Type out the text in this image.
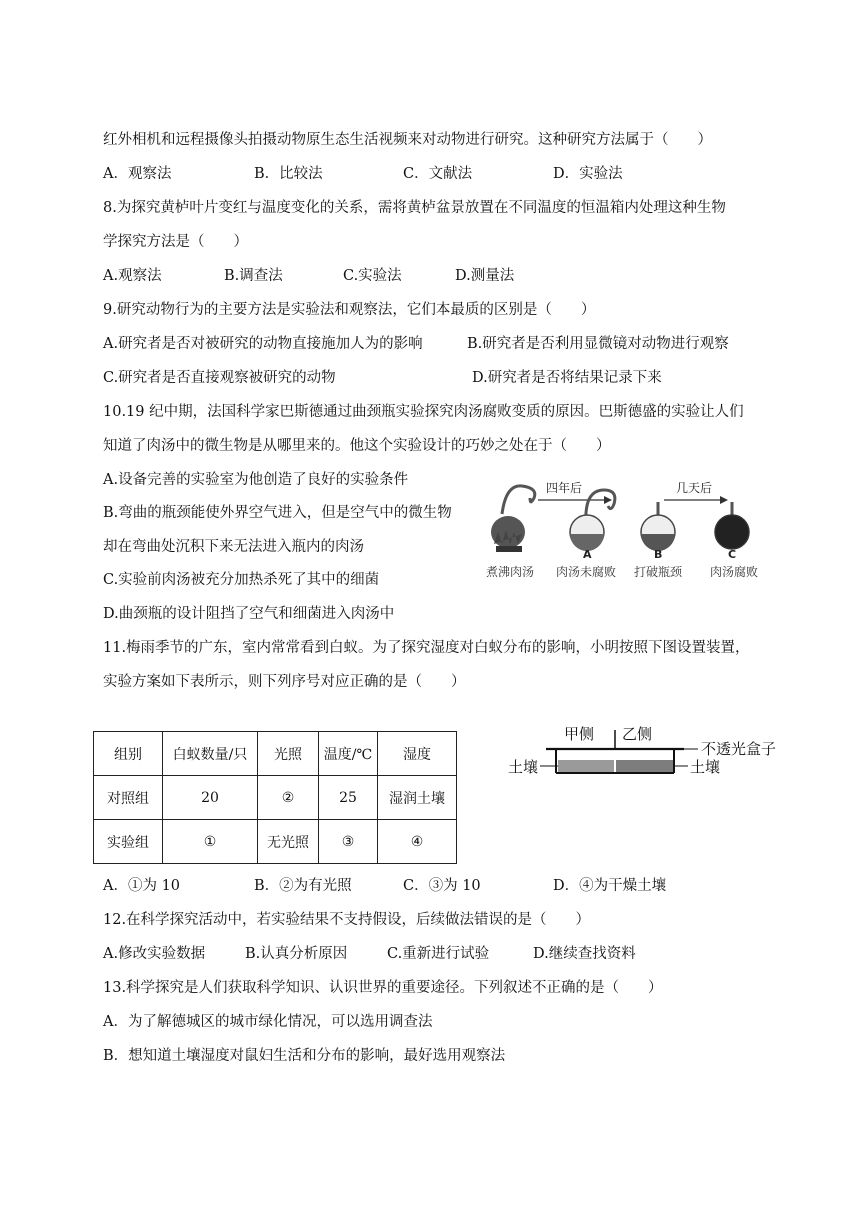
红外相机和远程摄像头拍摄动物原生态生活视频来对动物进行研究。这种研究方法属于（　　）
A．观察法	B．比较法	C．文献法	D．实验法
8.为探究黄栌叶片变红与温度变化的关系，需将黄栌盆景放置在不同温度的恒温箱内处理这种生物
学探究方法是（　　）
A.观察法	B.调查法	C.实验法	D.测量法
9.研究动物行为的主要方法是实验法和观察法，它们本最质的区别是（　　）
A.研究者是否对被研究的动物直接施加人为的影响	B.研究者是否利用显微镜对动物进行观察
C.研究者是否直接观察被研究的动物	D.研究者是否将结果记录下来
10.19 纪中期，法国科学家巴斯德通过曲颈瓶实验探究肉汤腐败变质的原因。巴斯德盛的实验让人们
知道了肉汤中的微生物是从哪里来的。他这个实验设计的巧妙之处在于（　　）
A.设备完善的实验室为他创造了良好的实验条件
B.弯曲的瓶颈能使外界空气进入，但是空气中的微生物
却在弯曲处沉积下来无法进入瓶内的肉汤
C.实验前肉汤被充分加热杀死了其中的细菌
D.曲颈瓶的设计阻挡了空气和细菌进入肉汤中
四年后	几天后
A	B	C
煮沸肉汤 肉汤未腐败 打破瓶颈 肉汤腐败
11.梅雨季节的广东，室内常常看到白蚁。为了探究湿度对白蚁分布的影响，小明按照下图设置装置，
实验方案如下表所示，则下列序号对应正确的是（　　）
组别	白蚁数量/只	光照	温度/℃	湿度
对照组	20	②	25	湿润土壤
实验组	①	无光照	③	④
甲侧 乙侧
不透光盒子
土壤	土壤
A．①为 10	B．②为有光照	C．③为 10	D．④为干燥土壤
12.在科学探究活动中，若实验结果不支持假设，后续做法错误的是（　　）
A.修改实验数据	B.认真分析原因	C.重新进行试验	D.继续查找资料
13.科学探究是人们获取科学知识、认识世界的重要途径。下列叙述不正确的是（　　）
A．为了解德城区的城市绿化情况，可以选用调查法
B．想知道土壤湿度对鼠妇生活和分布的影响，最好选用观察法
